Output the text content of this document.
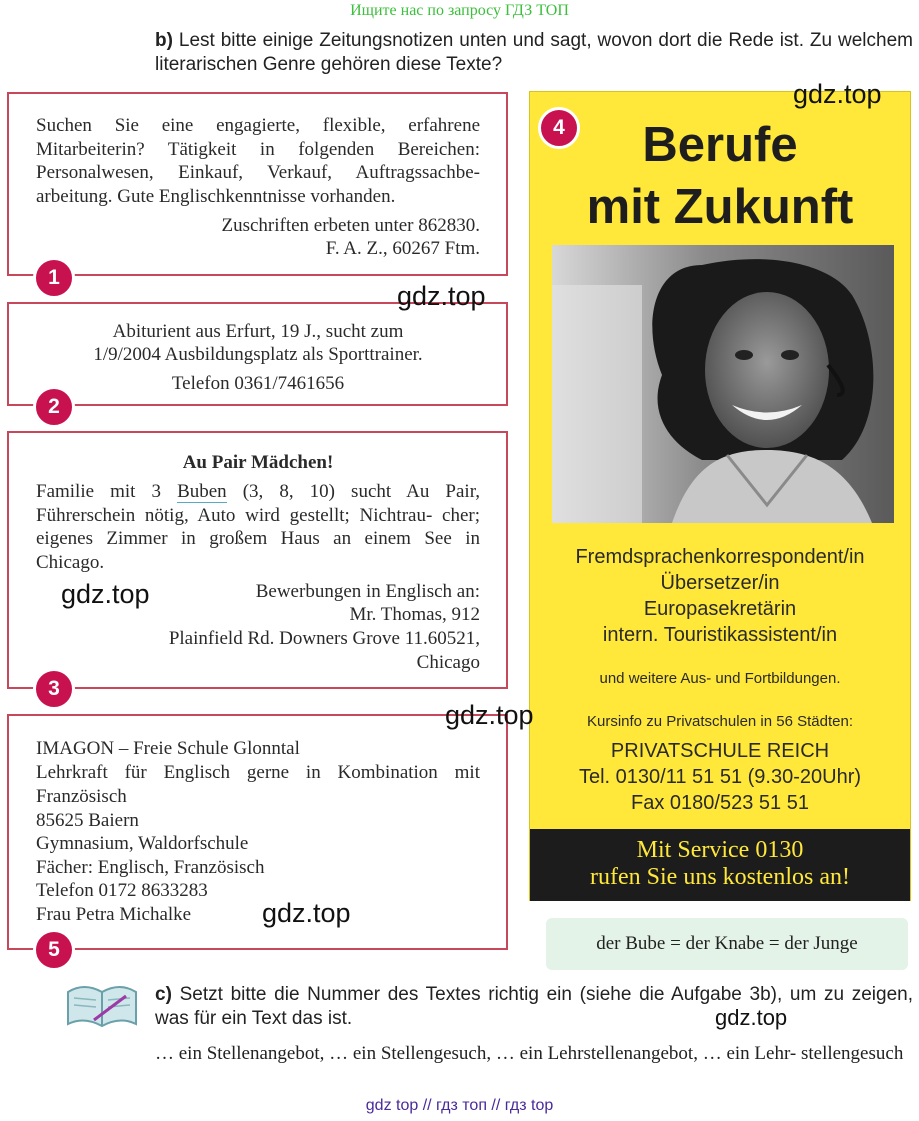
Ищите нас по запросу ГДЗ ТОП
b) Lest bitte einige Zeitungsnotizen unten und sagt, wovon dort die Rede ist. Zu welchem literarischen Genre gehören diese Texte?
Suchen Sie eine engagierte, flexible, erfahrene Mitarbeiterin? Tätigkeit in folgenden Bereichen: Personalwesen, Einkauf, Verkauf, Auftragssachbe- arbeitung. Gute Englischkenntnisse vorhanden.
Zuschriften erbeten unter 862830.
F. A. Z., 60267 Ftm.
1
Abiturient aus Erfurt, 19 J., sucht zum
1/9/2004 Ausbildungsplatz als Sporttrainer.
Telefon 0361/7461656
2
Au Pair Mädchen!
Familie mit 3 Buben (3, 8, 10) sucht Au Pair, Führerschein nötig, Auto wird gestellt; Nichtrau- cher; eigenes Zimmer in großem Haus an einem See in Chicago.
Bewerbungen in Englisch an:
Mr. Thomas, 912
Plainfield Rd. Downers Grove 11.60521,
Chicago
3
IMAGON – Freie Schule Glonntal
Lehrkraft für Englisch gerne in Kombination mit Französisch
85625 Baiern
Gymnasium, Waldorfschule
Fächer: Englisch, Französisch
Telefon 0172 8633283
Frau Petra Michalke
5
4	Berufe
mit Zukunft
Fremdsprachenkorrespondent/in
Übersetzer/in
Europasekretärin
intern. Touristikassistent/in
und weitere Aus- und Fortbildungen.
Kursinfo zu Privatschulen in 56 Städten:
PRIVATSCHULE REICH
Tel. 0130/11 51 51 (9.30-20Uhr)
Fax 0180/523 51 51
Mit Service 0130
rufen Sie uns kostenlos an!
der Bube = der Knabe = der Junge
c) Setzt bitte die Nummer des Textes richtig ein (siehe die Aufgabe 3b), um zu zeigen, was für ein Text das ist.
… ein Stellenangebot, … ein Stellengesuch, … ein Lehrstellenangebot, … ein Lehr- stellengesuch
gdz.top
gdz.top
gdz.top
gdz.top
gdz.top
gdz.top
gdz top // гдз топ // гдз top
